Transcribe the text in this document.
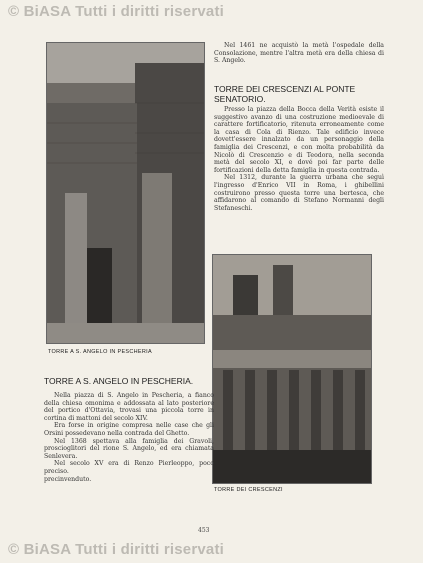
© BiASA Tutti i diritti riservati
TORRE A S. ANGELO IN PESCHERIA

Nel 1461 ne acquistò la metà l'ospedale della Consolazione, mentre l'altra metà era della chiesa di S. Angelo.

TORRE DEI CRESCENZI AL PONTE SENATORIO.

Presso la piazza della Bocca della Verità esiste il suggestivo avanzo di una costruzione medioevale di carattere fortificatorio, ritenuta erroneamente come la casa di Cola di Rienzo. Tale edificio invece dovett'essere innalzato da un personaggio della famiglia dei Crescenzi, e con molta probabilità da Nicolò di Crescenzio e di Teodora, nella seconda metà del secolo XI, e dové poi far parte delle fortificazioni della detta famiglia in questa contrada.

Nel 1312, durante la guerra urbana che seguì l'ingresso d'Enrico VII in Roma, i ghibellini costruirono presso questa torre una bertesca, che affidarono al comando di Stefano Normanni degli Stefaneschi.

TORRE DEI CRESCENZI
TORRE A S. ANGELO IN PESCHERIA.

Nella piazza di S. Angelo in Pescheria, a fianco della chiesa omonima e addossata al lato posteriore del portico d'Ottavia, trovasi una piccola torre in cortina di mattoni del secolo XIV.

Era forse in origine compresa nelle case che gli Orsini possedevano nella contrada del Ghetto.

Nel 1368 spettava alla famiglia dei Gravoli, proscioglitori del rione S. Angelo, ed era chiamata Senlevera.

Nel secolo XV era di Renzo Pierleoppo, poco preciso.

precinvenduto.

453
© BiASA Tutti i diritti riservati
